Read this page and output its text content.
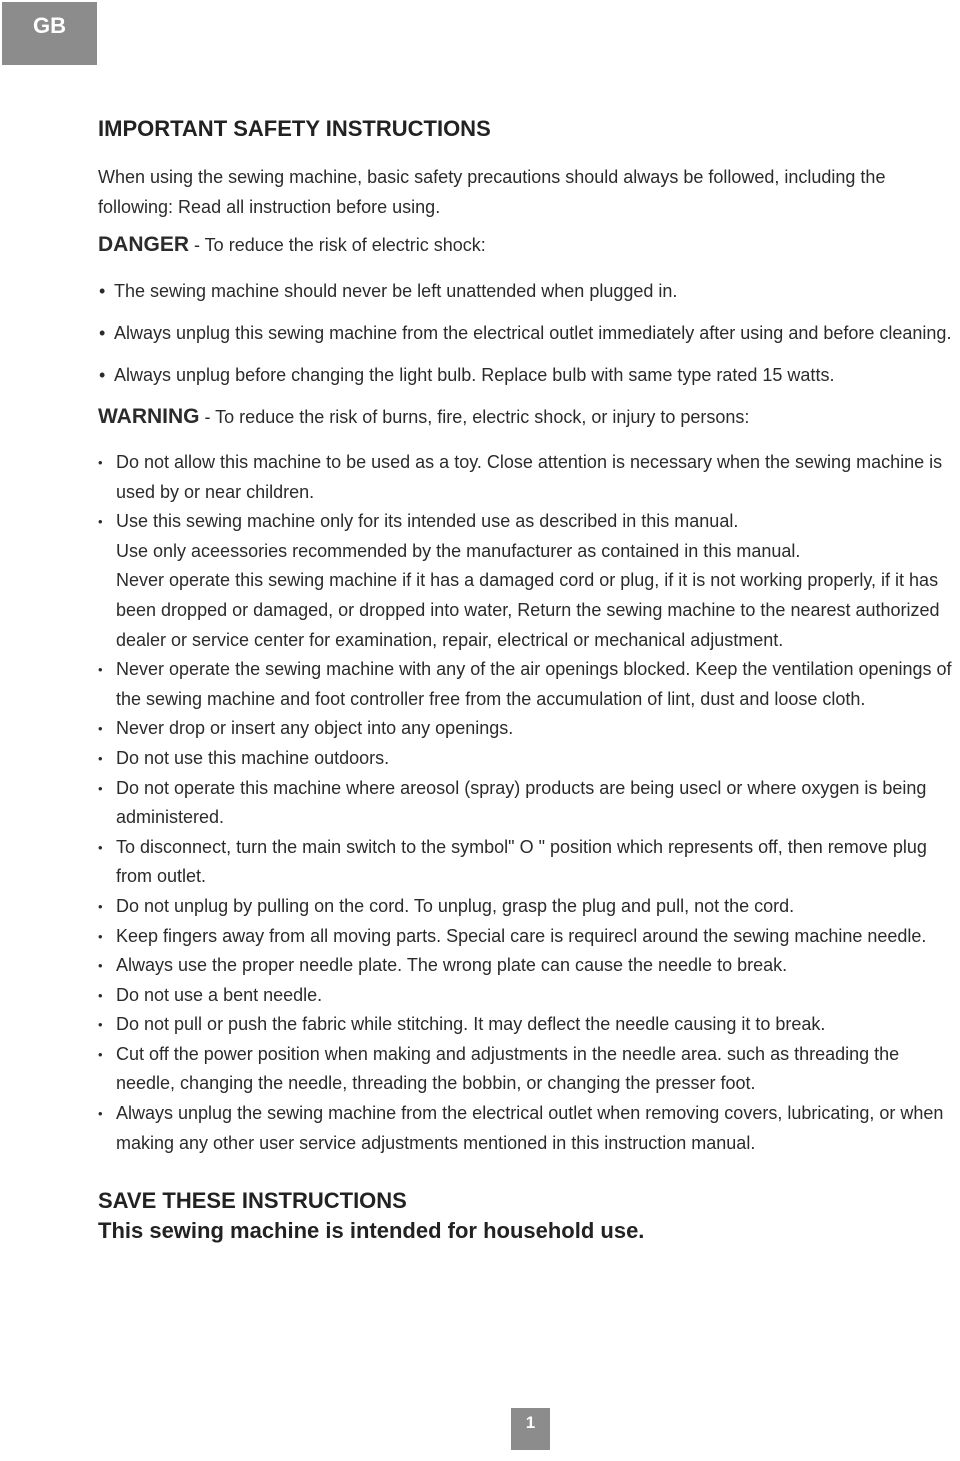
GB
IMPORTANT SAFETY INSTRUCTIONS

When using the sewing machine, basic safety precautions should always be followed, including the following: Read all instruction before using.

DANGER - To reduce the risk of electric shock:

• The sewing machine should never be left unattended when plugged in.
• Always unplug this sewing machine from the electrical outlet immediately after using and before cleaning.
• Always unplug before changing the light bulb. Replace bulb with same type rated 15 watts.

WARNING - To reduce the risk of burns, fire, electric shock, or injury to persons:

• Do not allow this machine to be used as a toy. Close attention is necessary when the sewing machine is used by or near children.
• Use this sewing machine only for its intended use as described in this manual.
Use only aceessories recommended by the manufacturer as contained in this manual.
Never operate this sewing machine if it has a damaged cord or plug, if it is not working properly, if it has been dropped or damaged, or dropped into water, Return the sewing machine to the nearest authorized dealer or service center for examination, repair, electrical or mechanical adjustment.
• Never operate the sewing machine with any of the air openings blocked. Keep the ventilation openings of the sewing machine and foot controller free from the accumulation of lint, dust and loose cloth.
• Never drop or insert any object into any openings.
• Do not use this machine outdoors.
• Do not operate this machine where areosol (spray) products are being usecl or where oxygen is being administered.
• To disconnect, turn the main switch to the symbol" O " position which represents off, then remove plug from outlet.
• Do not unplug by pulling on the cord. To unplug, grasp the plug and pull, not the cord.
• Keep fingers away from all moving parts. Special care is requirecl around the sewing machine needle.
• Always use the proper needle plate. The wrong plate can cause the needle to break.
• Do not use a bent needle.
• Do not pull or push the fabric while stitching. It may deflect the needle causing it to break.
• Cut off the power position when making and adjustments in the needle area. such as threading the needle, changing the needle, threading the bobbin, or changing the presser foot.
• Always unplug the sewing machine from the electrical outlet when removing covers, lubricating, or when making any other user service adjustments mentioned in this instruction manual.

SAVE THESE INSTRUCTIONS

This sewing machine is intended for household use.

1
